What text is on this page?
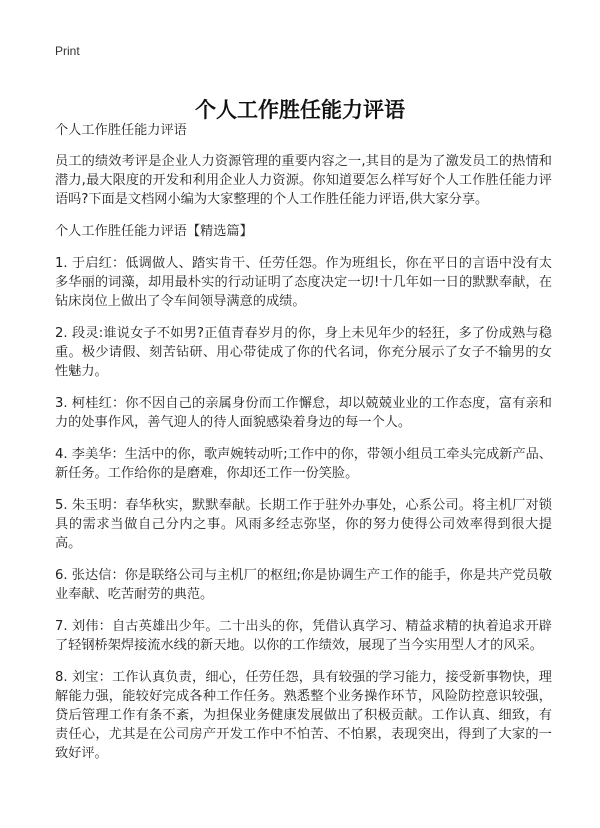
Print
个人工作胜任能力评语

个人工作胜任能力评语

员工的绩效考评是企业人力资源管理的重要内容之一,其目的是为了激发员工的热情和潜力,最大限度的开发和利用企业人力资源。你知道要怎么样写好个人工作胜任能力评语吗?下面是文档网小编为大家整理的个人工作胜任能力评语,供大家分享。

个人工作胜任能力评语【精选篇】

1. 于启红：低调做人、踏实肯干、任劳任怨。作为班组长，你在平日的言语中没有太多华丽的词藻，却用最朴实的行动证明了态度决定一切!十几年如一日的默默奉献，在钻床岗位上做出了令车间领导满意的成绩。

2. 段灵:谁说女子不如男?正值青春岁月的你，身上未见年少的轻狂，多了份成熟与稳重。极少请假、刻苦钻研、用心带徒成了你的代名词，你充分展示了女子不输男的女性魅力。

3. 柯桂红：你不因自己的亲属身份而工作懈怠，却以兢兢业业的工作态度，富有亲和力的处事作风，善气迎人的待人面貌感染着身边的每一个人。

4. 李美华：生活中的你，歌声婉转动听;工作中的你，带领小组员工牵头完成新产品、新任务。工作给你的是磨难，你却还工作一份笑脸。

5. 朱玉明：春华秋实，默默奉献。长期工作于驻外办事处，心系公司。将主机厂对锁具的需求当做自己分内之事。风雨多经志弥坚，你的努力使得公司效率得到很大提高。

6. 张达信：你是联络公司与主机厂的枢纽;你是协调生产工作的能手，你是共产党员敬业奉献、吃苦耐劳的典范。

7. 刘伟：自古英雄出少年。二十出头的你，凭借认真学习、精益求精的执着追求开辟了轻钢桥架焊接流水线的新天地。以你的工作绩效，展现了当今实用型人才的风采。

8. 刘宝：工作认真负责，细心，任劳任怨，具有较强的学习能力，接受新事物快，理解能力强，能较好完成各种工作任务。熟悉整个业务操作环节，风险防控意识较强，贷后管理工作有条不紊，为担保业务健康发展做出了积极贡献。工作认真、细致，有责任心，尤其是在公司房产开发工作中不怕苦、不怕累，表现突出，得到了大家的一致好评。
